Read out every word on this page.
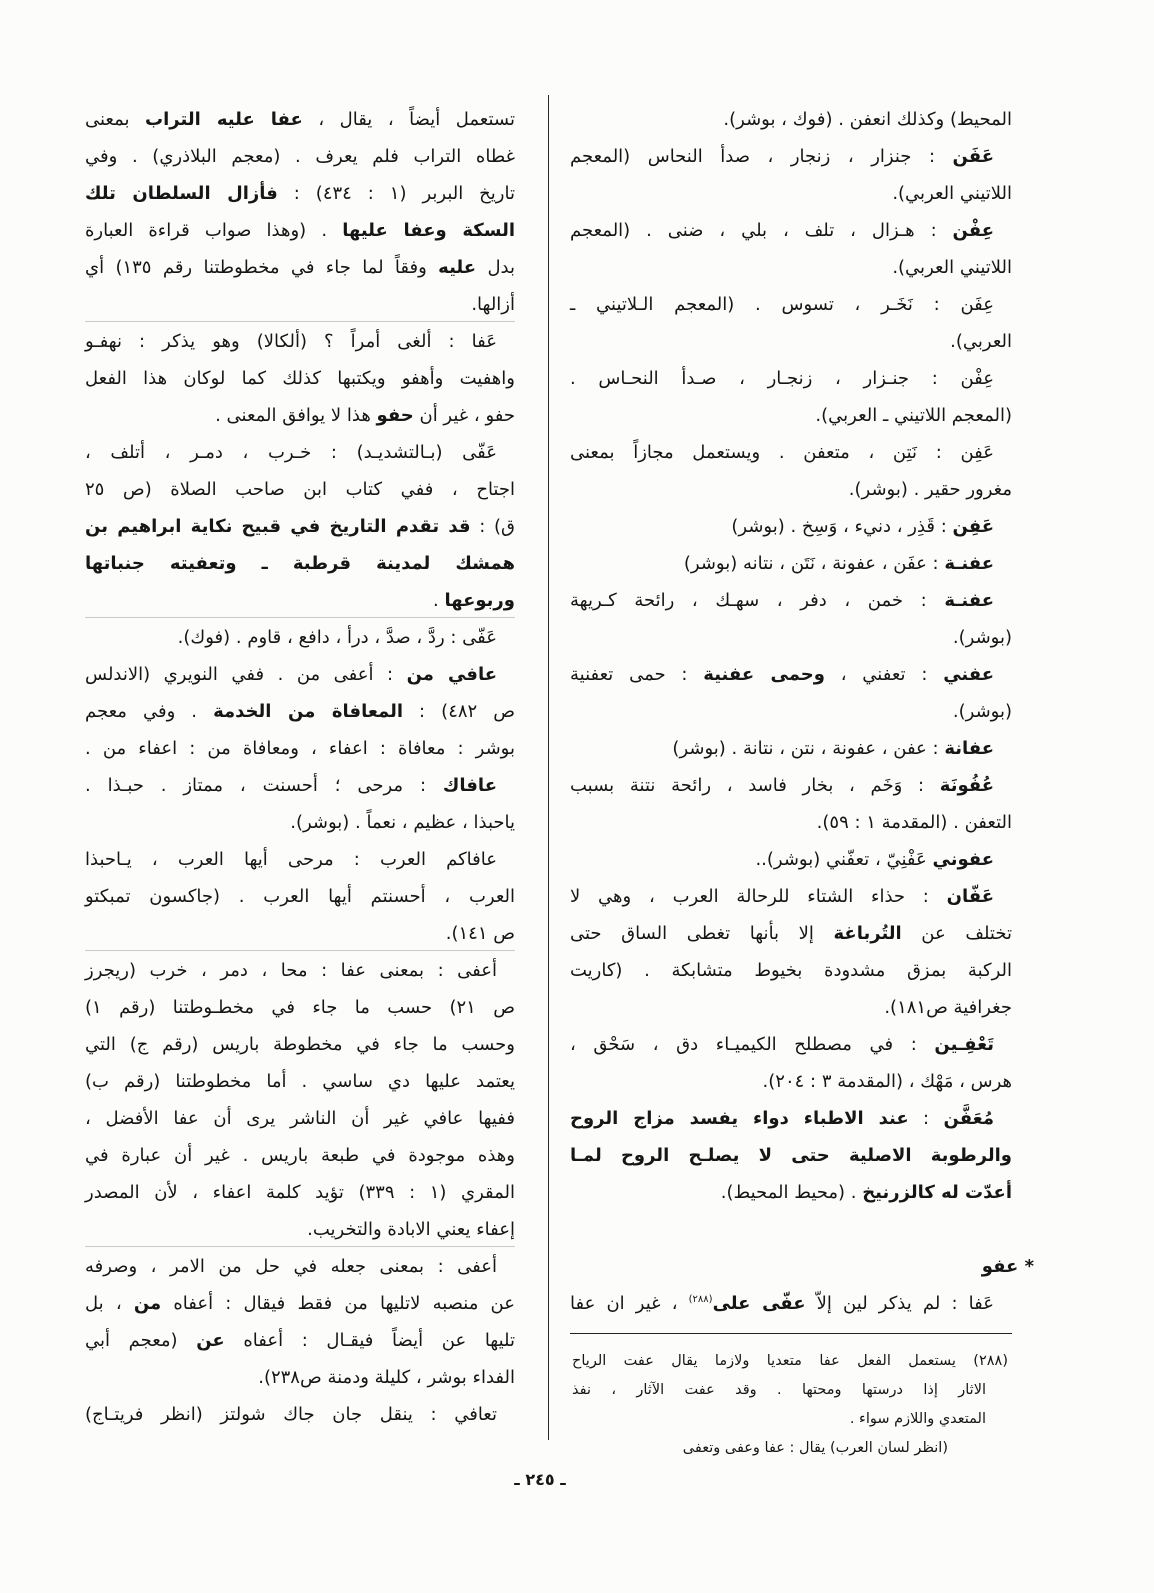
المحيط) وكذلك انعفن . (فوك ، بوشر).
عَفَن : جنزار ، زنجار ، صدأ النحاس (المعجم
اللاتيني العربي).
عِفْن : هـزال ، تلف ، بلي ، ضنى . (المعجم
اللاتيني العربي).
عِفَن : نَخَـر ، تسوس . (المعجم الـلاتيني ـ
العربي).
عِفْن : جنـزار ، زنجـار ، صـدأ النحـاس .
(المعجم اللاتيني ـ العربي).
عَفِن : نَتِن ، متعفن . ويستعمل مجازاً بمعنى
مغرور حقير . (بوشر).
عَفِن : قَذِر ، دنيء ، وَسِخ . (بوشر)
عفنـة : عفَن ، عفونة ، نَتَن ، نتانه (بوشر)
عفنـة : خمن ، دفر ، سهـك ، رائحة كـريهة
(بوشر).
عفني : تعفني ، وحمى عفنية : حمى تعفنية
(بوشر).
عفانة : عفن ، عفونة ، نتن ، نتانة . (بوشر)
عُفُونَة : وَخَم ، بخار فاسد ، رائحة نتنة بسبب
التعفن . (المقدمة ١ : ٥٩).
عفوني عَفْنِيّ ، تعفّني (بوشر)..
عَفّان : حذاء الشتاء للرحالة العرب ، وهي لا
تختلف عن التُرباغة إلا بأنها تغطى الساق حتى
الركبة بمزق مشدودة بخيوط متشابكة . (كاريت
جغرافية ص١٨١).
تَعْفِـين : في مصطلح الكيميـاء دق ، سَحْق ،
هرس ، مَهْك ، (المقدمة ٣ : ٢٠٤).
مُعَفَّن : عند الاطباء دواء يفسد مزاج الروح
والرطوبة الاصلية حتى لا يصلـح الروح لمـا
أعدّت له كالزرنيخ . (محيط المحيط).
* عفو
عَفا : لم يذكر لين إلاّ عفّى على$^{(٢٨٨)}$ ، غير ان عفا
تستعمل أيضاً ، يقال ، عفا عليه التراب بمعنى
غطاه التراب فلم يعرف . (معجم البلاذري) . وفي
تاريخ البربر (١ : ٤٣٤) : فأزال السلطان تلك
السكة وعفا عليها . (وهذا صواب قراءة العبارة
بدل عليه وفقاً لما جاء في مخطوطتنا رقم ١٣٥) أي
أزالها.
عَفا : ألغى أمراً ؟ (ألكالا) وهو يذكر : نهفـو
واهفيت وأهفو ويكتبها كذلك كما لوكان هذا الفعل
حفو ، غير أن حفو هذا لا يوافق المعنى .
عَفّى (بـالتشديـد) : خـرب ، دمـر ، أتلف ،
اجتاح ، ففي كتاب ابن صاحب الصلاة (ص ٢٥
ق) : قد تقدم التاريخ في قبيح نكاية ابراهيم بن
همشك لمدينة قرطبة ـ وتعفيته جنباتها
وربوعها .
عَفّى : ردَّ ، صدَّ ، درأ ، دافع ، قاوم . (فوك).
عافي من : أعفى من . ففي النويري (الاندلس
ص ٤٨٢) : المعافاة من الخدمة . وفي معجم
بوشر : معافاة : اعفاء ، ومعافاة من : اعفاء من .
عافاك : مرحى ؛ أحسنت ، ممتاز . حبـذا .
ياحبذا ، عظيم ، نعماً . (بوشر).
عافاكم العرب : مرحى أيها العرب ، يـاحبذا
العرب ، أحسنتم أيها العرب . (جاكسون تمبكتو
ص ١٤١).
أعفى : بمعنى عفا : محا ، دمر ، خرب (ريجرز
ص ٢١) حسب ما جاء في مخطـوطتنا (رقم ١)
وحسب ما جاء في مخطوطة باريس (رقم ج) التي
يعتمد عليها دي ساسي . أما مخطوطتنا (رقم ب)
ففيها عافي غير أن الناشر يرى أن عفا الأفضل ،
وهذه موجودة في طبعة باريس . غير أن عبارة في
المقري (١ : ٣٣٩) تؤيد كلمة اعفاء ، لأن المصدر
إعفاء يعني الابادة والتخريب.
أعفى : بمعنى جعله في حل من الامر ، وصرفه
عن منصبه لاتليها من فقط فيقال : أعفاه من ، بل
تليها عن أيضاً فيقـال : أعفاه عن (معجم أبي
الفداء بوشر ، كليلة ودمنة ص٢٣٨).
تعافي : ينقل جان جاك شولتز (انظر فريتـاج)
(٢٨٨) يستعمل الفعل عفا متعديا ولازما يقال عفت الرياح
الاثار إذا درستها ومحتها . وقد عفت الآثار ، نفذ
المتعدي واللازم سواء .
(انظر لسان العرب) يقال : عفا وعفى وتعفى
ـ ٢٤٥ ـ
